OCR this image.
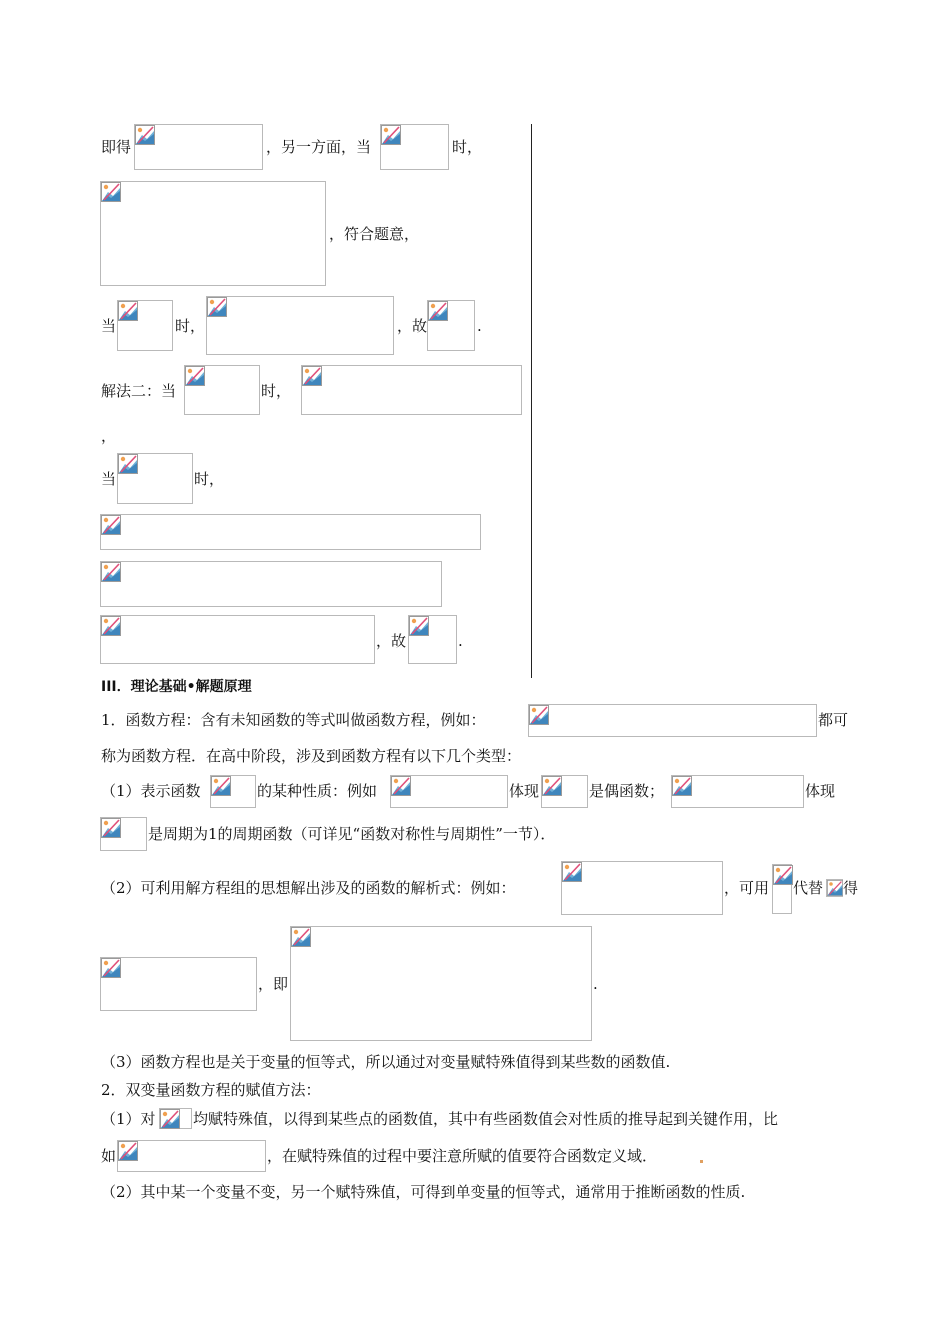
即得	，另一方面，当	时，
，符合题意，
当	时，	，故	.
解法二：当	时，
，
当	时，
，故	.
III．理论基础•解题原理
1．函数方程：含有未知函数的等式叫做函数方程，例如：	都可
称为函数方程．在高中阶段，涉及到函数方程有以下几个类型：
（1）表示函数	的某种性质：例如	体现	是偶函数；	体现
是周期为1的周期函数（可详见“函数对称性与周期性”一节）．
（2）可利用解方程组的思想解出涉及的函数的解析式：例如：	，可用 代替 得
，即	.
（3）函数方程也是关于变量的恒等式，所以通过对变量赋特殊值得到某些数的函数值.
2．双变量函数方程的赋值方法：
（1）对 均赋特殊值，以得到某些点的函数值，其中有些函数值会对性质的推导起到关键作用，比
如	，在赋特殊值的过程中要注意所赋的值要符合函数定义域．
（2）其中某一个变量不变，另一个赋特殊值，可得到单变量的恒等式，通常用于推断函数的性质.
